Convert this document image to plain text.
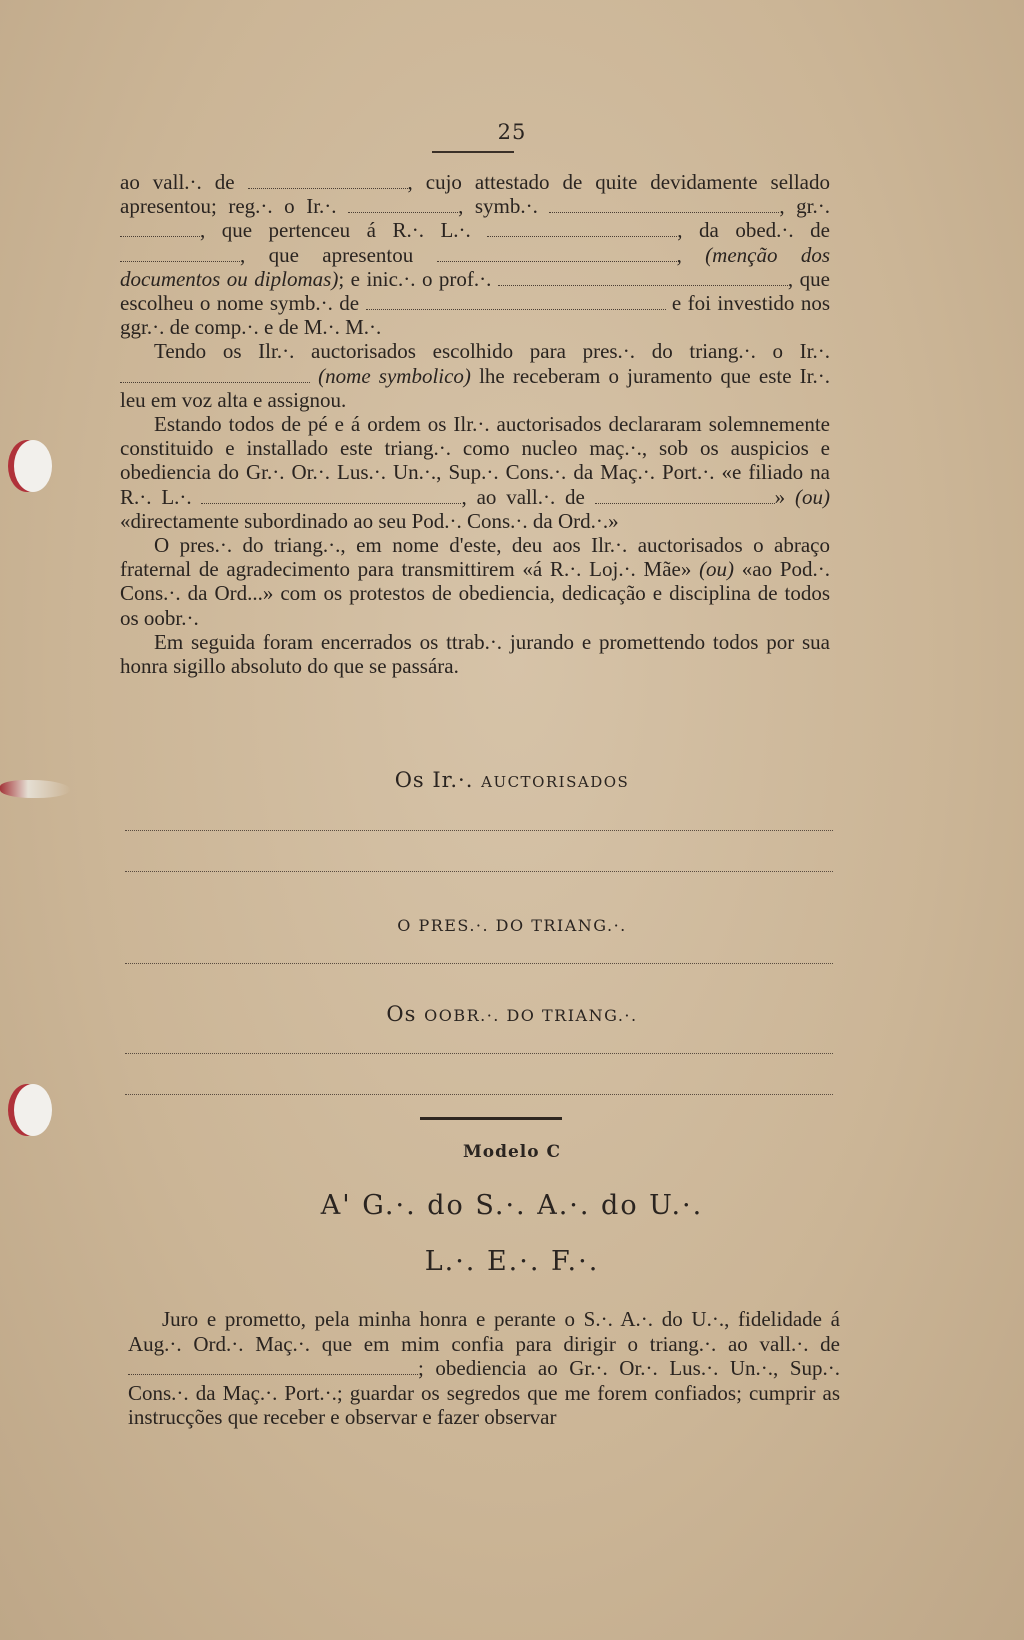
25

ao vall.·. de	, cujo attestado de quite devidamente sellado apresentou; reg.·. o Ir.·.	, symb.·.	, gr.·. , que pertenceu á R.·. L.·.	, da obed.·. de , que apresentou	, (menção dos documentos ou diplomas); e inic.·. o prof.·.	, que escolheu o nome symb.·. de	e foi investido nos ggr.·. de comp.·. e de M.·. M.·.

Tendo os Ilr.·. auctorisados escolhido para pres.·. do triang.·. o Ir.·.  (nome symbolico) lhe receberam o juramento que este Ir.·. leu em voz alta e assignou.

Estando todos de pé e á ordem os Ilr.·. auctorisados declararam solemnemente constituido e installado este triang.·. como nucleo maç.·., sob os auspicios e obediencia do Gr.·. Or.·. Lus.·. Un.·., Sup.·. Cons.·. da Maç.·. Port.·. «e filiado na R.·. L.·.	, ao vall.·. de	» (ou) «directamente subordinado ao seu Pod.·. Cons.·. da Ord.·.»

O pres.·. do triang.·., em nome d'este, deu aos Ilr.·. auctorisados o abraço fraternal de agradecimento para transmittirem «á R.·. Loj.·. Mãe» (ou) «ao Pod.·. Cons.·. da Ord...» com os protestos de obediencia, dedicação e disciplina de todos os oobr.·.

Em seguida foram encerrados os ttrab.·. jurando e promettendo todos por sua honra sigillo absoluto do que se passára.

Os Ir.·. AUCTORISADOS
O PRES.·. DO TRIANG.·.
Os OOBR.·. DO TRIANG.·.
Modelo C
A' G.·. do S.·. A.·. do U.·.
L.·. E.·. F.·.

Juro e prometto, pela minha honra e perante o S.·. A.·. do U.·., fidelidade á Aug.·. Ord.·. Maç.·. que em mim confia para dirigir o triang.·. ao vall.·. de ; obediencia ao Gr.·. Or.·. Lus.·. Un.·., Sup.·. Cons.·. da Maç.·. Port.·.; guardar os segredos que me forem confiados; cumprir as instrucções que receber e observar e fazer observar
